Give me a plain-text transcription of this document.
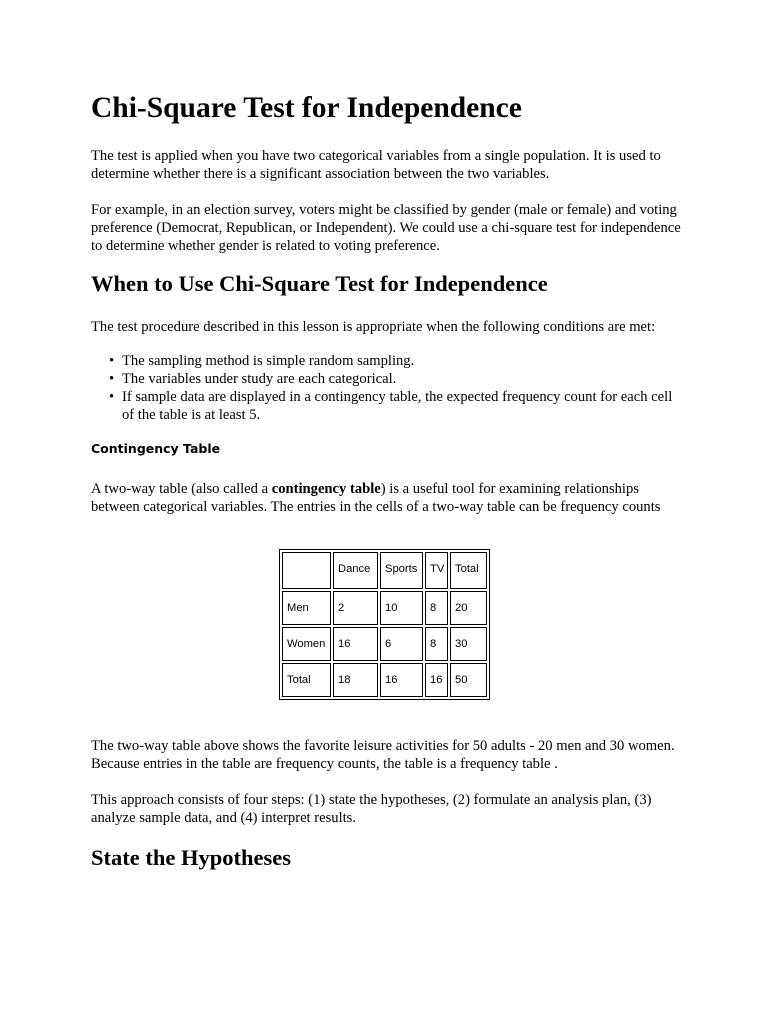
Chi-Square Test for Independence

The test is applied when you have two categorical variables from a single population. It is used to determine whether there is a significant association between the two variables.

For example, in an election survey, voters might be classified by gender (male or female) and voting preference (Democrat, Republican, or Independent). We could use a chi-square test for independence to determine whether gender is related to voting preference.

When to Use Chi-Square Test for Independence

The test procedure described in this lesson is appropriate when the following conditions are met:

• The sampling method is simple random sampling.
• The variables under study are each categorical.
• If sample data are displayed in a contingency table, the expected frequency count for each cell of the table is at least 5.
Contingency Table

A two-way table (also called a contingency table) is a useful tool for examining relationships between categorical variables. The entries in the cells of a two-way table can be frequency counts

	Dance	Sports	TV	Total
Men	2	10	8	20
Women	16	6	8	30
Total	18	16	16	50

The two-way table above shows the favorite leisure activities for 50 adults - 20 men and 30 women. Because entries in the table are frequency counts, the table is a frequency table .

This approach consists of four steps: (1) state the hypotheses, (2) formulate an analysis plan, (3) analyze sample data, and (4) interpret results.

State the Hypotheses
